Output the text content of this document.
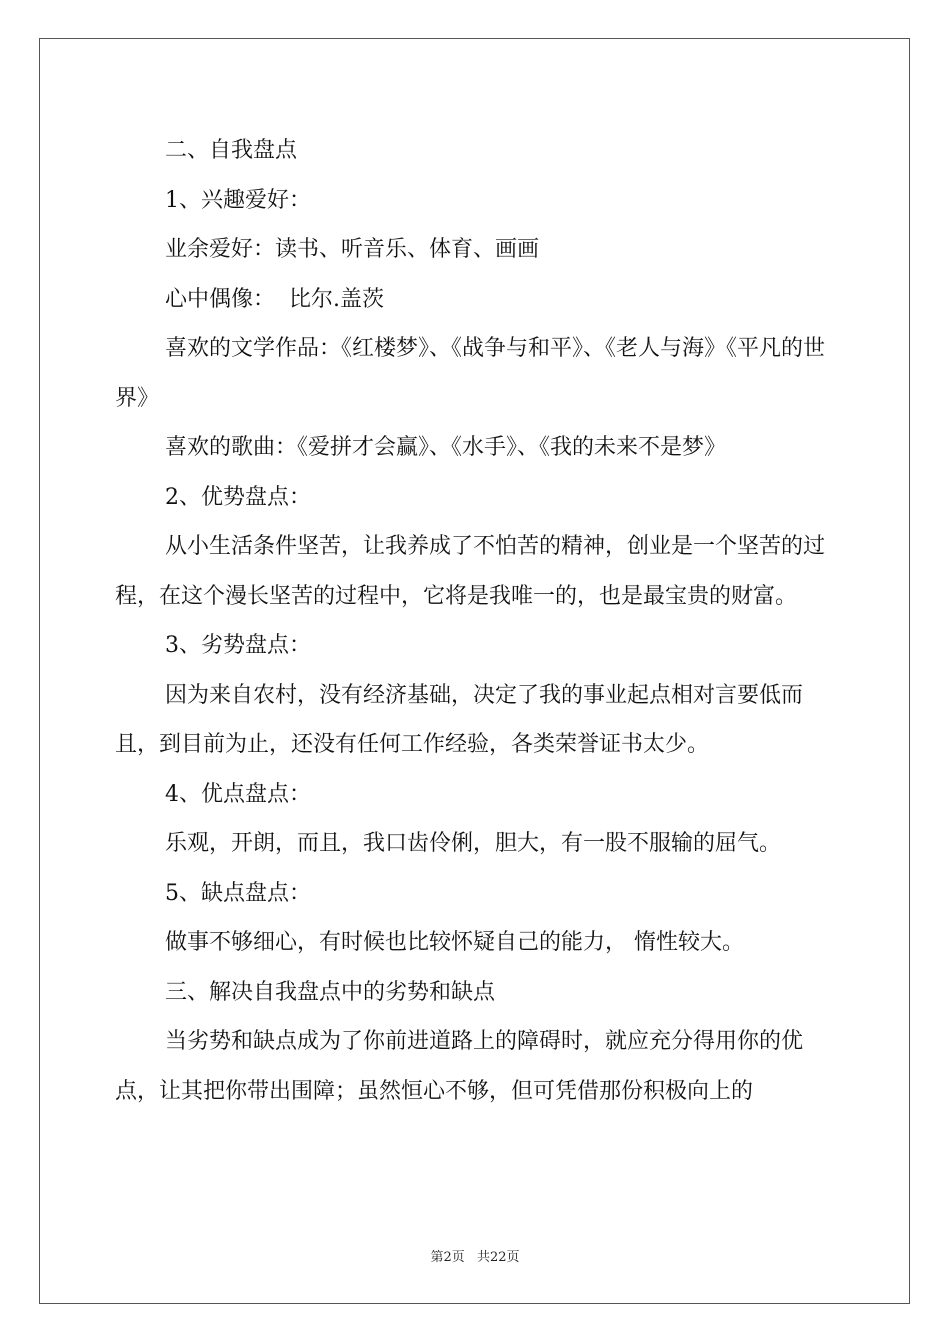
二、自我盘点

1、兴趣爱好：

业余爱好：读书、听音乐、体育、画画

心中偶像：  比尔.盖茨

喜欢的文学作品：《红楼梦》、《战争与和平》、《老人与海》《平凡的世界》

喜欢的歌曲：《爱拼才会赢》、《水手》、《我的未来不是梦》

2、优势盘点：

从小生活条件坚苦，让我养成了不怕苦的精神，创业是一个坚苦的过程，在这个漫长坚苦的过程中，它将是我唯一的，也是最宝贵的财富。

3、劣势盘点：

因为来自农村，没有经济基础，决定了我的事业起点相对言要低而且，到目前为止，还没有任何工作经验，各类荣誉证书太少。

4、优点盘点：

乐观，开朗，而且，我口齿伶俐，胆大，有一股不服输的屈气。

5、缺点盘点：

做事不够细心，有时候也比较怀疑自己的能力， 惰性较大。

三、解决自我盘点中的劣势和缺点

当劣势和缺点成为了你前进道路上的障碍时，就应充分得用你的优点，让其把你带出围障；虽然恒心不够，但可凭借那份积极向上的

第2页 共22页
